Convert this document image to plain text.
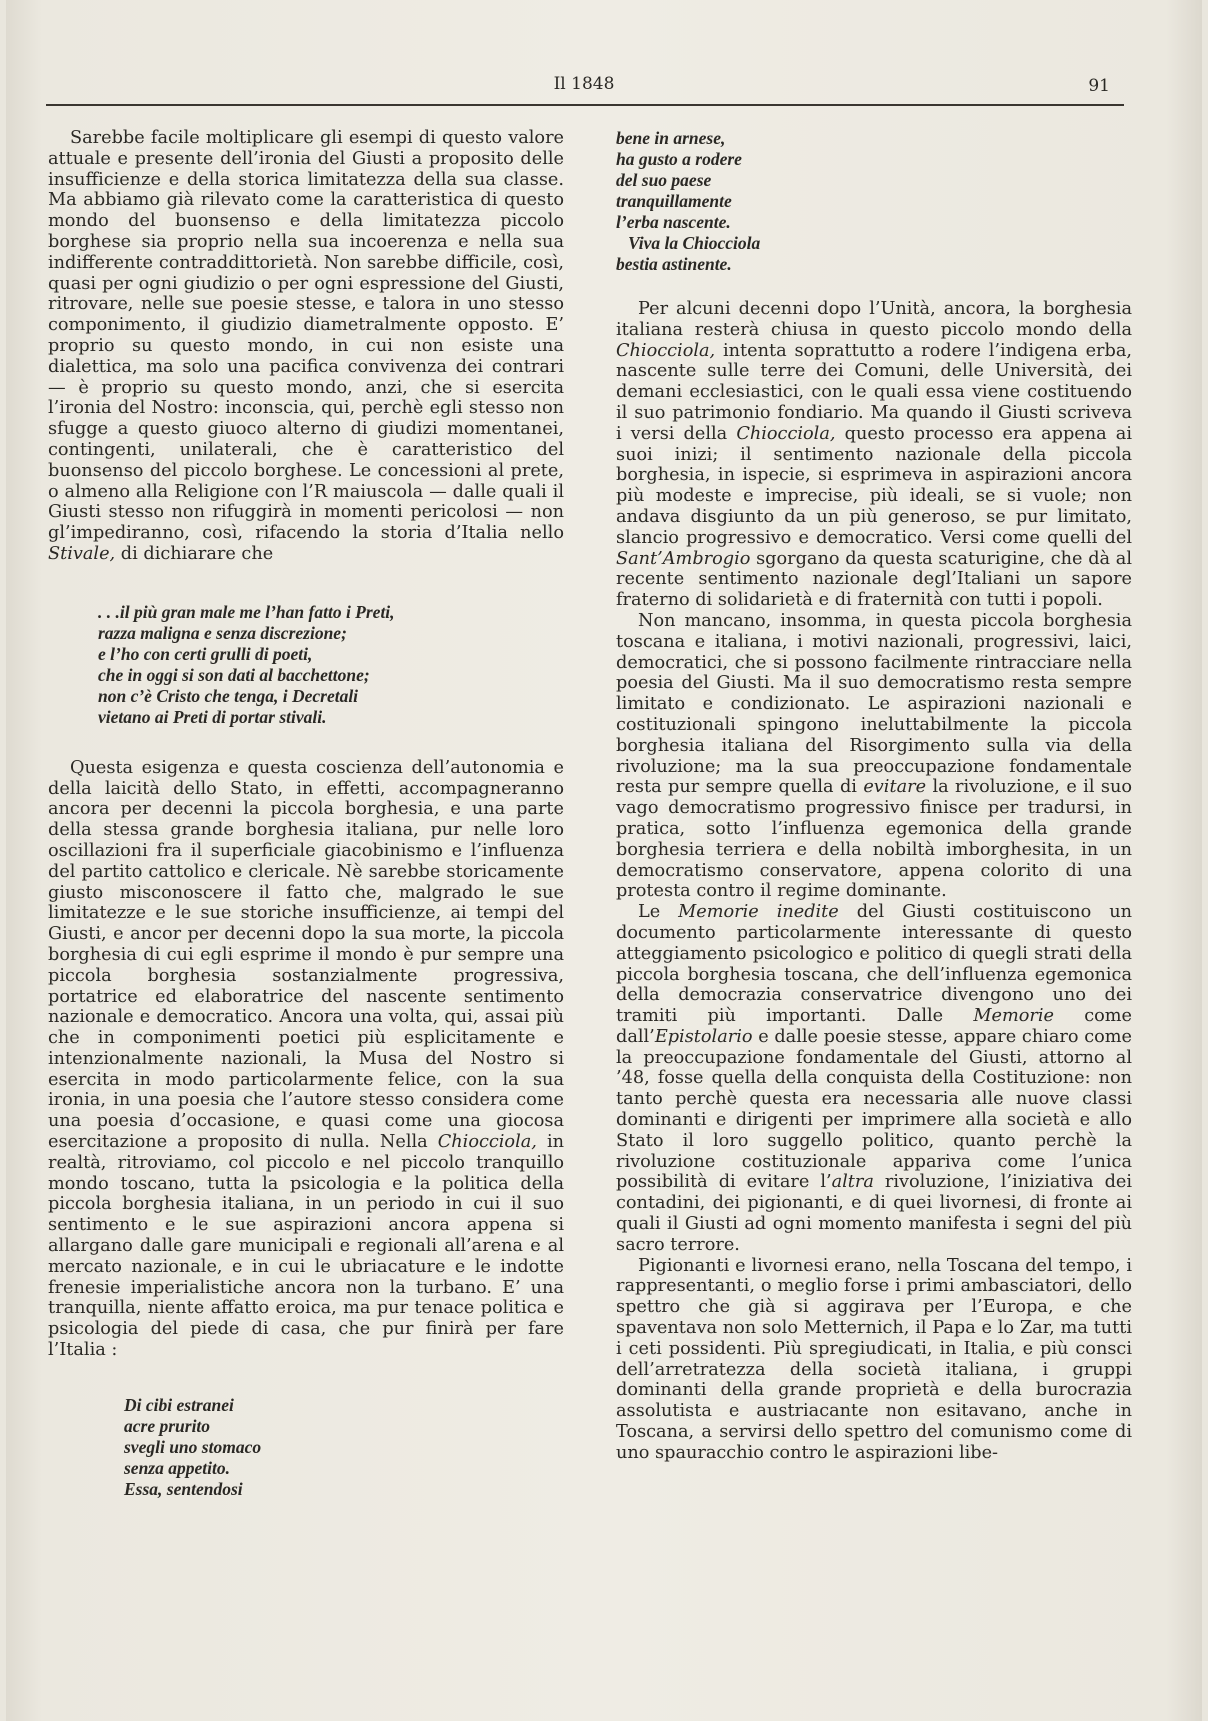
Il 1848	91

Sarebbe facile moltiplicare gli esempi di questo valore attuale e presente dell’ironia del Giusti a proposito delle insufficienze e della storica limitatezza della sua classe. Ma abbiamo già rilevato come la caratteristica di questo mondo del buonsenso e della limitatezza piccolo borghese sia proprio nella sua incoerenza e nella sua indifferente contraddittorietà. Non sarebbe difficile, così, quasi per ogni giudizio o per ogni espressione del Giusti, ritrovare, nelle sue poesie stesse, e talora in uno stesso componimento, il giudizio diametralmente opposto. E’ proprio su questo mondo, in cui non esiste una dialettica, ma solo una pacifica convivenza dei contrari — è proprio su questo mondo, anzi, che si esercita l’ironia del Nostro: inconscia, qui, perchè egli stesso non sfugge a questo giuoco alterno di giudizi momentanei, contingenti, unilaterali, che è caratteristico del buonsenso del piccolo borghese. Le concessioni al prete, o almeno alla Religione con l’R maiuscola — dalle quali il Giusti stesso non rifuggirà in momenti pericolosi — non gl’impediranno, così, rifacendo la storia d’Italia nello Stivale, di dichiarare che

. . .il più gran male me l’han fatto i Preti,
razza maligna e senza discrezione;
e l’ho con certi grulli di poeti,
che in oggi si son dati al bacchettone;
non c’è Cristo che tenga, i Decretali
vietano ai Preti di portar stivali.

Questa esigenza e questa coscienza dell’autonomia e della laicità dello Stato, in effetti, accompagneranno ancora per decenni la piccola borghesia, e una parte della stessa grande borghesia italiana, pur nelle loro oscillazioni fra il superficiale giacobinismo e l’influenza del partito cattolico e clericale. Nè sarebbe storicamente giusto misconoscere il fatto che, malgrado le sue limitatezze e le sue storiche insufficienze, ai tempi del Giusti, e ancor per decenni dopo la sua morte, la piccola borghesia di cui egli esprime il mondo è pur sempre una piccola borghesia sostanzialmente progressiva, portatrice ed elaboratrice del nascente sentimento nazionale e democratico. Ancora una volta, qui, assai più che in componimenti poetici più esplicitamente e intenzionalmente nazionali, la Musa del Nostro si esercita in modo particolarmente felice, con la sua ironia, in una poesia che l’autore stesso considera come una poesia d’occasione, e quasi come una giocosa esercitazione a proposito di nulla. Nella Chiocciola, in realtà, ritroviamo, col piccolo e nel piccolo tranquillo mondo toscano, tutta la psicologia e la politica della piccola borghesia italiana, in un periodo in cui il suo sentimento e le sue aspirazioni ancora appena si allargano dalle gare municipali e regionali all’arena e al mercato nazionale, e in cui le ubriacature e le indotte frenesie imperialistiche ancora non la turbano. E’ una tranquilla, niente affatto eroica, ma pur tenace politica e psicologia del piede di casa, che pur finirà per fare l’Italia :

Di cibi estranei
acre prurito
svegli uno stomaco
senza appetito.
Essa, sentendosi
bene in arnese,
ha gusto a rodere
del suo paese
tranquillamente
l’erba nascente.
Viva la Chiocciola
bestia astinente.

Per alcuni decenni dopo l’Unità, ancora, la borghesia italiana resterà chiusa in questo piccolo mondo della Chiocciola, intenta soprattutto a rodere l’indigena erba, nascente sulle terre dei Comuni, delle Università, dei demani ecclesiastici, con le quali essa viene costituendo il suo patrimonio fondiario. Ma quando il Giusti scriveva i versi della Chiocciola, questo processo era appena ai suoi inizi; il sentimento nazionale della piccola borghesia, in ispecie, si esprimeva in aspirazioni ancora più modeste e imprecise, più ideali, se si vuole; non andava disgiunto da un più generoso, se pur limitato, slancio progressivo e democratico. Versi come quelli del Sant’Ambrogio sgorgano da questa scaturigine, che dà al recente sentimento nazionale degl’Italiani un sapore fraterno di solidarietà e di fraternità con tutti i popoli.

Non mancano, insomma, in questa piccola borghesia toscana e italiana, i motivi nazionali, progressivi, laici, democratici, che si possono facilmente rintracciare nella poesia del Giusti. Ma il suo democratismo resta sempre limitato e condizionato. Le aspirazioni nazionali e costituzionali spingono ineluttabilmente la piccola borghesia italiana del Risorgimento sulla via della rivoluzione; ma la sua preoccupazione fondamentale resta pur sempre quella di evitare la rivoluzione, e il suo vago democratismo progressivo finisce per tradursi, in pratica, sotto l’influenza egemonica della grande borghesia terriera e della nobiltà imborghesita, in un democratismo conservatore, appena colorito di una protesta contro il regime dominante.

Le Memorie inedite del Giusti costituiscono un documento particolarmente interessante di questo atteggiamento psicologico e politico di quegli strati della piccola borghesia toscana, che dell’influenza egemonica della democrazia conservatrice divengono uno dei tramiti più importanti. Dalle Memorie come dall’Epistolario e dalle poesie stesse, appare chiaro come la preoccupazione fondamentale del Giusti, attorno al ’48, fosse quella della conquista della Costituzione: non tanto perchè questa era necessaria alle nuove classi dominanti e dirigenti per imprimere alla società e allo Stato il loro suggello politico, quanto perchè la rivoluzione costituzionale appariva come l’unica possibilità di evitare l’altra rivoluzione, l’iniziativa dei contadini, dei pigionanti, e di quei livornesi, di fronte ai quali il Giusti ad ogni momento manifesta i segni del più sacro terrore.

Pigionanti e livornesi erano, nella Toscana del tempo, i rappresentanti, o meglio forse i primi ambasciatori, dello spettro che già si aggirava per l’Europa, e che spaventava non solo Metternich, il Papa e lo Zar, ma tutti i ceti possidenti. Più spregiudicati, in Italia, e più consci dell’arretratezza della società italiana, i gruppi dominanti della grande proprietà e della burocrazia assolutista e austriacante non esitavano, anche in Toscana, a servirsi dello spettro del comunismo come di uno spauracchio contro le aspirazioni libe-
